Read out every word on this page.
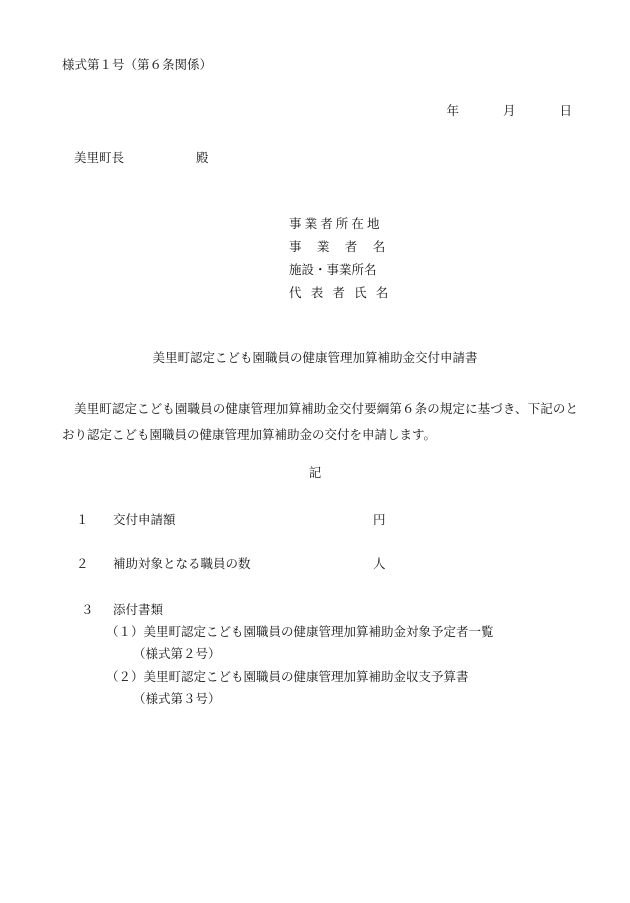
様式第１号（第６条関係）
年	月	日
美里町長	殿
事業者所在地
事業者名
施設・事業所名
代表者氏名
美里町認定こども園職員の健康管理加算補助金交付申請書
美里町認定こども園職員の健康管理加算補助金交付要綱第６条の規定に基づき、下記のとおり認定こども園職員の健康管理加算補助金の交付を申請します。
記
１ 交付申請額	円
２ 補助対象となる職員の数	人
３ 添付書類
（１）美里町認定こども園職員の健康管理加算補助金対象予定者一覧
（様式第２号）
（２）美里町認定こども園職員の健康管理加算補助金収支予算書
（様式第３号）
